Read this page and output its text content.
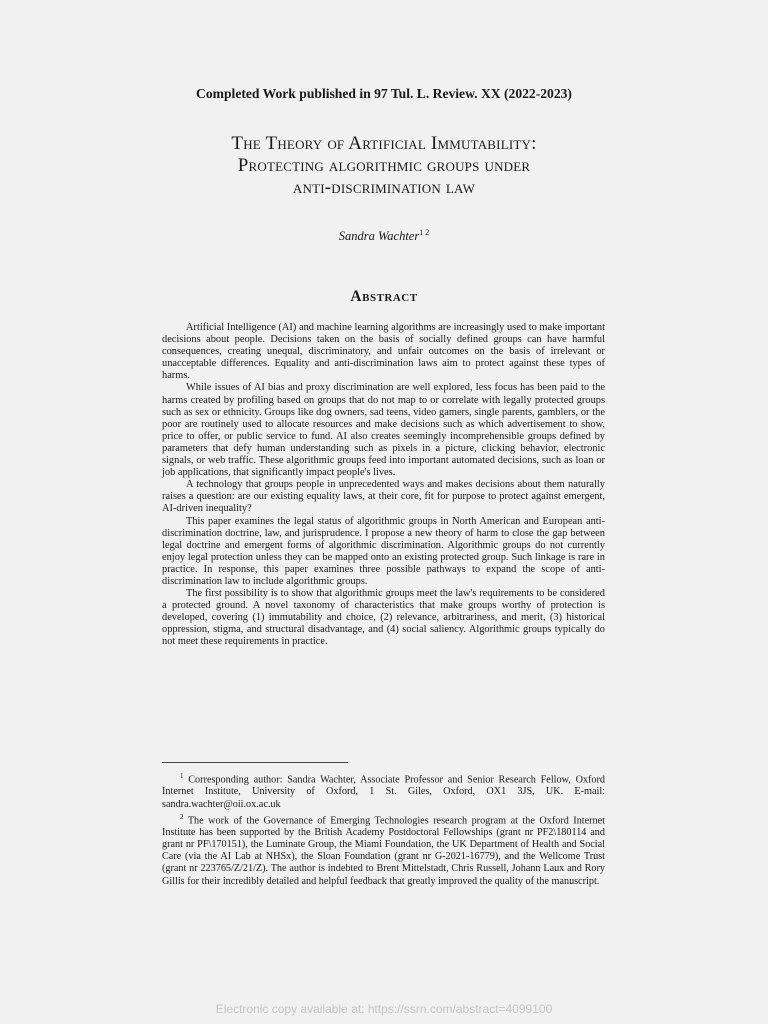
Completed Work published in 97 Tul. L. Review. XX (2022-2023)
The Theory of Artificial Immutability:
Protecting algorithmic groups under
anti-discrimination law
Sandra Wachter$^{1 2}$
Abstract

Artificial Intelligence (AI) and machine learning algorithms are increasingly used to make important decisions about people. Decisions taken on the basis of socially defined groups can have harmful consequences, creating unequal, discriminatory, and unfair outcomes on the basis of irrelevant or unacceptable differences. Equality and anti-discrimination laws aim to protect against these types of harms.

While issues of AI bias and proxy discrimination are well explored, less focus has been paid to the harms created by profiling based on groups that do not map to or correlate with legally protected groups such as sex or ethnicity. Groups like dog owners, sad teens, video gamers, single parents, gamblers, or the poor are routinely used to allocate resources and make decisions such as which advertisement to show, price to offer, or public service to fund. AI also creates seemingly incomprehensible groups defined by parameters that defy human understanding such as pixels in a picture, clicking behavior, electronic signals, or web traffic. These algorithmic groups feed into important automated decisions, such as loan or job applications, that significantly impact people's lives.

A technology that groups people in unprecedented ways and makes decisions about them naturally raises a question: are our existing equality laws, at their core, fit for purpose to protect against emergent, AI-driven inequality?

This paper examines the legal status of algorithmic groups in North American and European anti-discrimination doctrine, law, and jurisprudence. I propose a new theory of harm to close the gap between legal doctrine and emergent forms of algorithmic discrimination. Algorithmic groups do not currently enjoy legal protection unless they can be mapped onto an existing protected group. Such linkage is rare in practice. In response, this paper examines three possible pathways to expand the scope of anti-discrimination law to include algorithmic groups.

The first possibility is to show that algorithmic groups meet the law's requirements to be considered a protected ground. A novel taxonomy of characteristics that make groups worthy of protection is developed, covering (1) immutability and choice, (2) relevance, arbitrariness, and merit, (3) historical oppression, stigma, and structural disadvantage, and (4) social saliency. Algorithmic groups typically do not meet these requirements in practice.

$^1$ Corresponding author: Sandra Wachter, Associate Professor and Senior Research Fellow, Oxford Internet Institute, University of Oxford, 1 St. Giles, Oxford, OX1 3JS, UK. E-mail: sandra.wachter@oii.ox.ac.uk

$^2$ The work of the Governance of Emerging Technologies research program at the Oxford Internet Institute has been supported by the British Academy Postdoctoral Fellowships (grant nr PF2\180114 and grant nr PF\170151), the Luminate Group, the Miami Foundation, the UK Department of Health and Social Care (via the AI Lab at NHSx), the Sloan Foundation (grant nr G-2021-16779), and the Wellcome Trust (grant nr 223765/Z/21/Z). The author is indebted to Brent Mittelstadt, Chris Russell, Johann Laux and Rory Gillis for their incredibly detailed and helpful feedback that greatly improved the quality of the manuscript.

Electronic copy available at: https://ssrn.com/abstract=4099100
